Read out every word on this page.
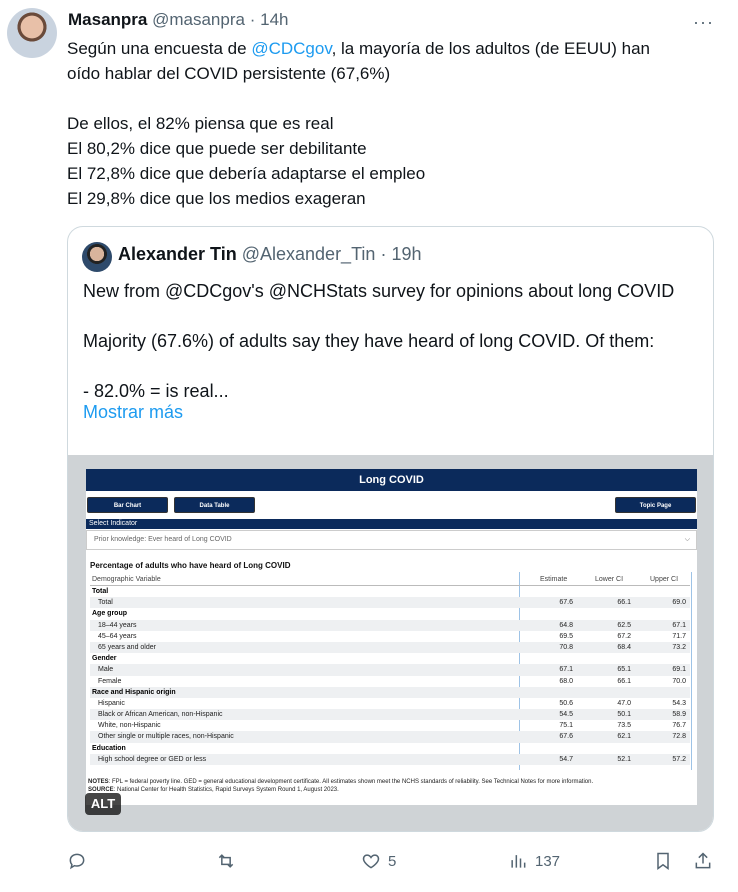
Masanpra @masanpra · 14h	···
Según una encuesta de @CDCgov, la mayoría de los adultos (de EEUU) han
oído hablar del COVID persistente (67,6%)
De ellos, el 82% piensa que es real
El 80,2% dice que puede ser debilitante
El 72,8% dice que debería adaptarse el empleo
El 29,8% dice que los medios exageran
Alexander Tin @Alexander_Tin · 19h
New from @CDCgov's @NCHStats survey for opinions about long COVID
Majority (67.6%) of adults say they have heard of long COVID. Of them:
- 82.0% = is real...
Mostrar más
Long COVID
Bar Chart	Data Table	Topic Page
Select Indicator
Prior knowledge: Ever heard of Long COVID	⌵
Percentage of adults who have heard of Long COVID
Demographic Variable	Estimate	Lower CI	Upper CI
Total
Total	67.6	66.1	69.0
Age group
18–44 years	64.8	62.5	67.1
45–64 years	69.5	67.2	71.7
65 years and older	70.8	68.4	73.2
Gender
Male	67.1	65.1	69.1
Female	68.0	66.1	70.0
Race and Hispanic origin
Hispanic	50.6	47.0	54.3
Black or African American, non-Hispanic	54.5	50.1	58.9
White, non-Hispanic	75.1	73.5	76.7
Other single or multiple races, non-Hispanic	67.6	62.1	72.8
Education
High school degree or GED or less	54.7	52.1	57.2
NOTES: FPL = federal poverty line. GED = general educational development certificate. All estimates shown meet the NCHS standards of reliability. See Technical Notes for more information.
SOURCE: National Center for Health Statistics, Rapid Surveys System Round 1, August 2023.
ALT
5	137
